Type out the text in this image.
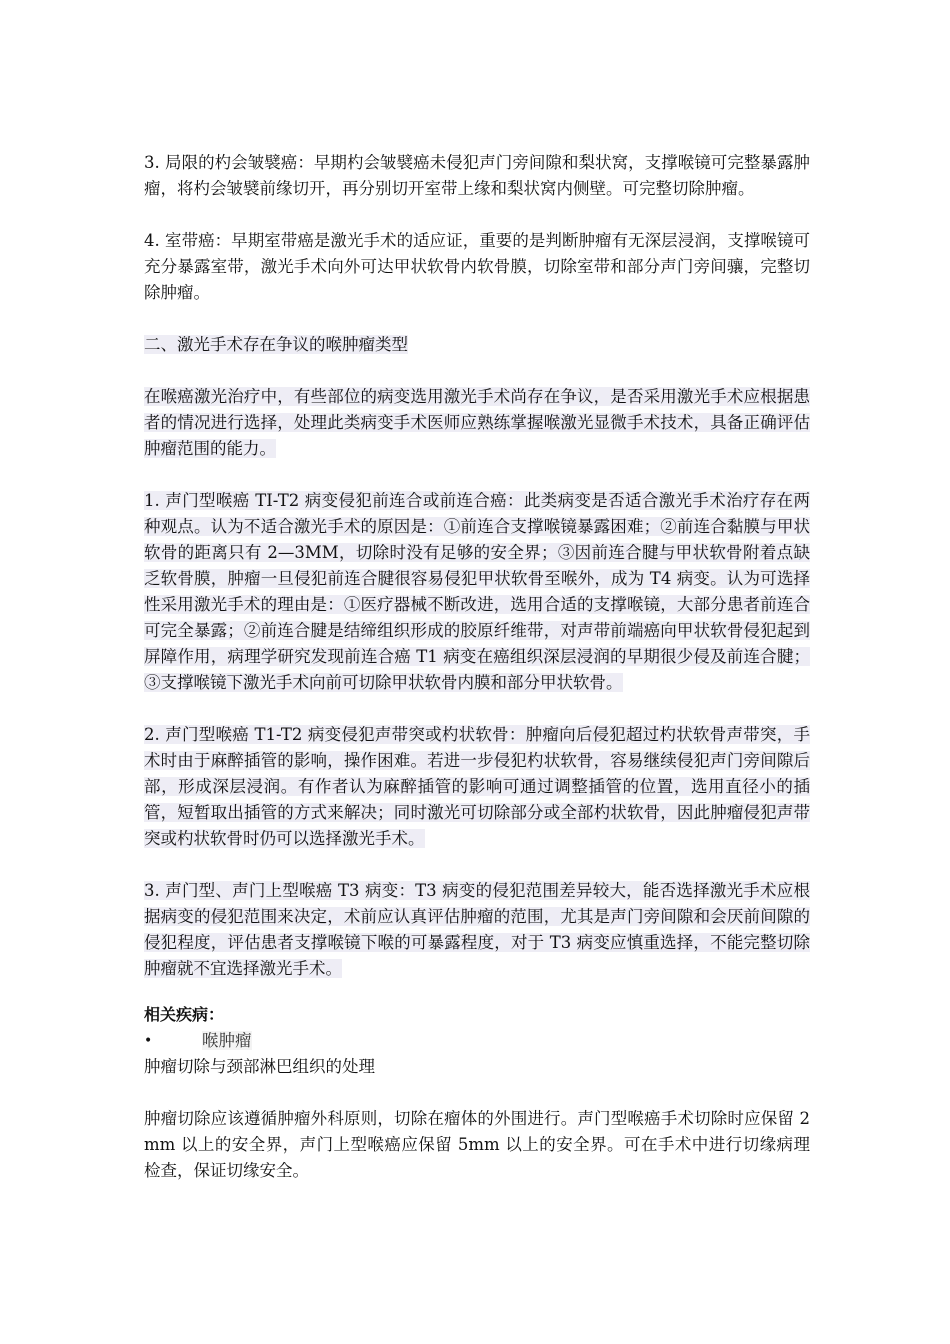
3. 局限的杓会皱襞癌：早期杓会皱襞癌未侵犯声门旁间隙和梨状窝，支撑喉镜可完整暴露肿瘤，将杓会皱襞前缘切开，再分别切开室带上缘和梨状窝内侧壁。可完整切除肿瘤。

4. 室带癌：早期室带癌是激光手术的适应证，重要的是判断肿瘤有无深层浸润，支撑喉镜可充分暴露室带，激光手术向外可达甲状软骨内软骨膜，切除室带和部分声门旁间骧，完整切除肿瘤。

二、激光手术存在争议的喉肿瘤类型

在喉癌激光治疗中，有些部位的病变选用激光手术尚存在争议，是否采用激光手术应根据患者的情况进行选择，处理此类病变手术医师应熟练掌握喉激光显微手术技术，具备正确评估肿瘤范围的能力。

1. 声门型喉癌 TI-T2 病变侵犯前连合或前连合癌：此类病变是否适合激光手术治疗存在两种观点。认为不适合激光手术的原因是：①前连合支撑喉镜暴露困难；②前连合黏膜与甲状软骨的距离只有 2—3MM，切除时没有足够的安全界；③因前连合腱与甲状软骨附着点缺乏软骨膜，肿瘤一旦侵犯前连合腱很容易侵犯甲状软骨至喉外，成为 T4 病变。认为可选择性采用激光手术的理由是：①医疗器械不断改进，选用合适的支撑喉镜，大部分患者前连合可完全暴露；②前连合腱是结缔组织形成的胶原纤维带，对声带前端癌向甲状软骨侵犯起到屏障作用，病理学研究发现前连合癌 T1 病变在癌组织深层浸润的早期很少侵及前连合腱；③支撑喉镜下激光手术向前可切除甲状软骨内膜和部分甲状软骨。

2. 声门型喉癌 T1-T2 病变侵犯声带突或杓状软骨：肿瘤向后侵犯超过杓状软骨声带突，手术时由于麻醉插管的影响，操作困难。若进一步侵犯杓状软骨，容易继续侵犯声门旁间隙后部，形成深层浸润。有作者认为麻醉插管的影响可通过调整插管的位置，选用直径小的插管，短暂取出插管的方式来解决；同时激光可切除部分或全部杓状软骨，因此肿瘤侵犯声带突或杓状软骨时仍可以选择激光手术。

3. 声门型、声门上型喉癌 T3 病变：T3 病变的侵犯范围差异较大，能否选择激光手术应根据病变的侵犯范围来决定，术前应认真评估肿瘤的范围，尤其是声门旁间隙和会厌前间隙的侵犯程度，评估患者支撑喉镜下喉的可暴露程度，对于 T3 病变应慎重选择，不能完整切除肿瘤就不宜选择激光手术。

相关疾病：
•	喉肿瘤

肿瘤切除与颈部淋巴组织的处理

肿瘤切除应该遵循肿瘤外科原则，切除在瘤体的外围进行。声门型喉癌手术切除时应保留 2 mm 以上的安全界，声门上型喉癌应保留 5mm 以上的安全界。可在手术中进行切缘病理检查，保证切缘安全。
